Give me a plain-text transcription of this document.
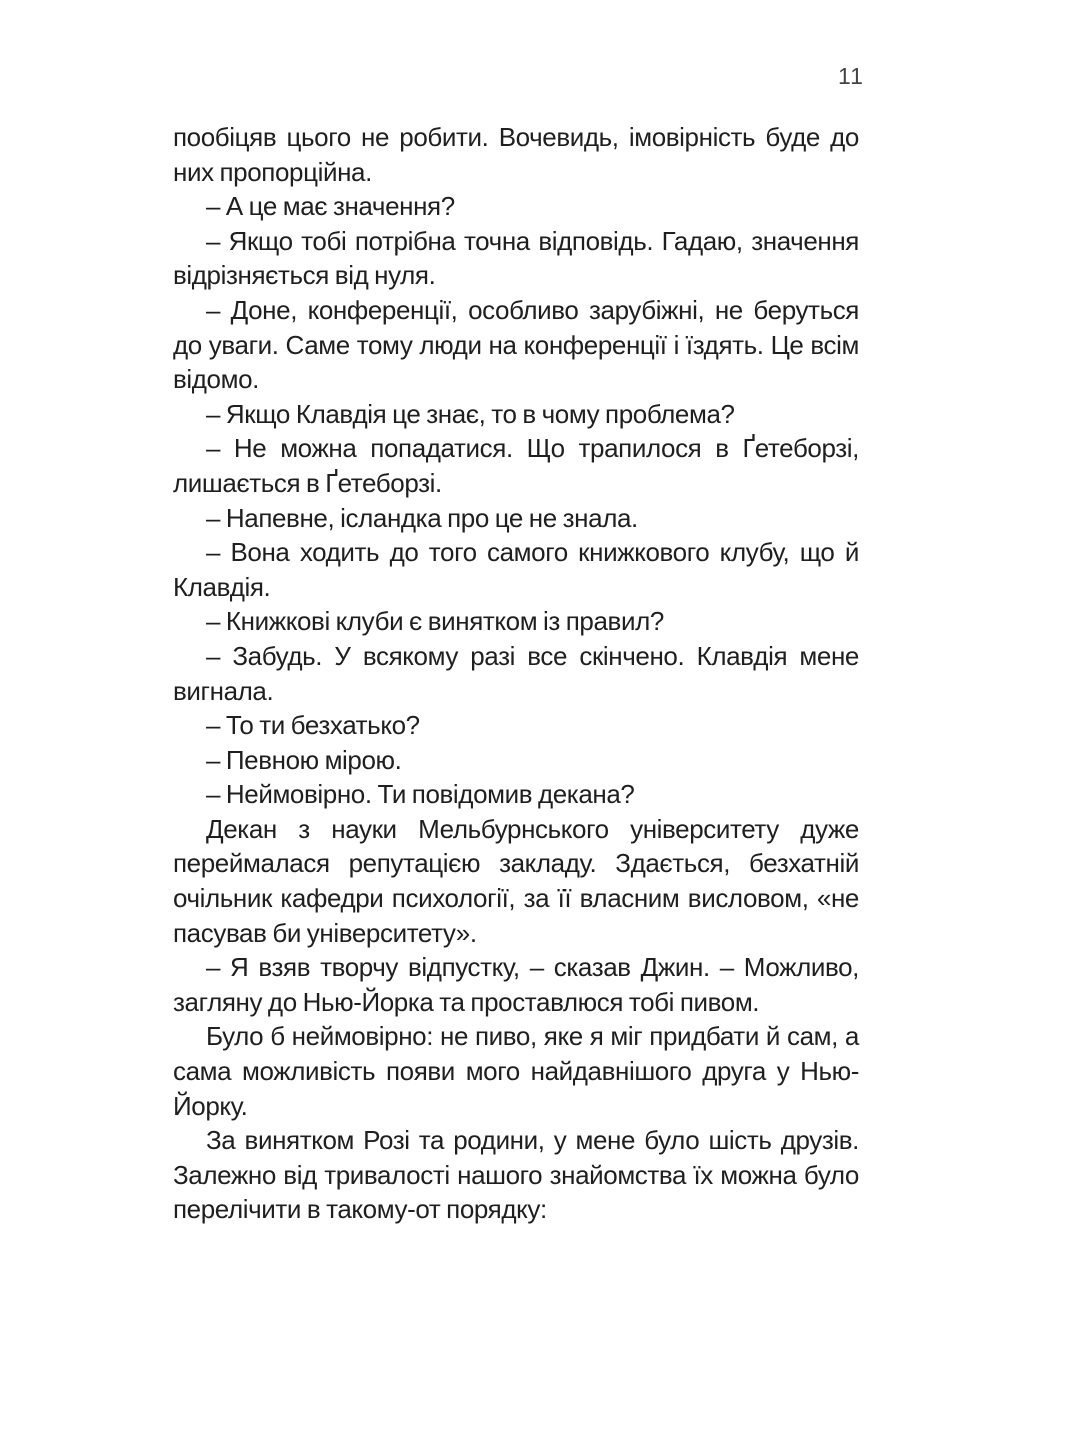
11

пообіцяв цього не робити. Вочевидь, імовірність буде до них пропорційна.

– А це має значення?

– Якщо тобі потрібна точна відповідь. Гадаю, значення відрізняється від нуля.

– Доне, конференції, особливо зарубіжні, не беруться до уваги. Саме тому люди на конференції і їздять. Це всім відомо.

– Якщо Клавдія це знає, то в чому проблема?

– Не можна попадатися. Що трапилося в Ґетеборзі, лишається в Ґетеборзі.

– Напевне, ісландка про це не знала.

– Вона ходить до того самого книжкового клубу, що й Клавдія.

– Книжкові клуби є винятком із правил?

– Забудь. У всякому разі все скінчено. Клавдія мене вигнала.

– То ти безхатько?

– Певною мірою.

– Неймовірно. Ти повідомив декана?

Декан з науки Мельбурнського університету дуже переймалася репутацією закладу. Здається, безхатній очільник кафедри психології, за її власним висловом, «не пасував би університету».

– Я взяв творчу відпустку, – сказав Джин. – Можливо, загляну до Нью-Йорка та проставлюся тобі пивом.

Було б неймовірно: не пиво, яке я міг придбати й сам, а сама можливість появи мого найдавнішого друга у Нью-Йорку.

За винятком Розі та родини, у мене було шість друзів. Залежно від тривалості нашого знайомства їх можна було перелічити в такому-от порядку:
